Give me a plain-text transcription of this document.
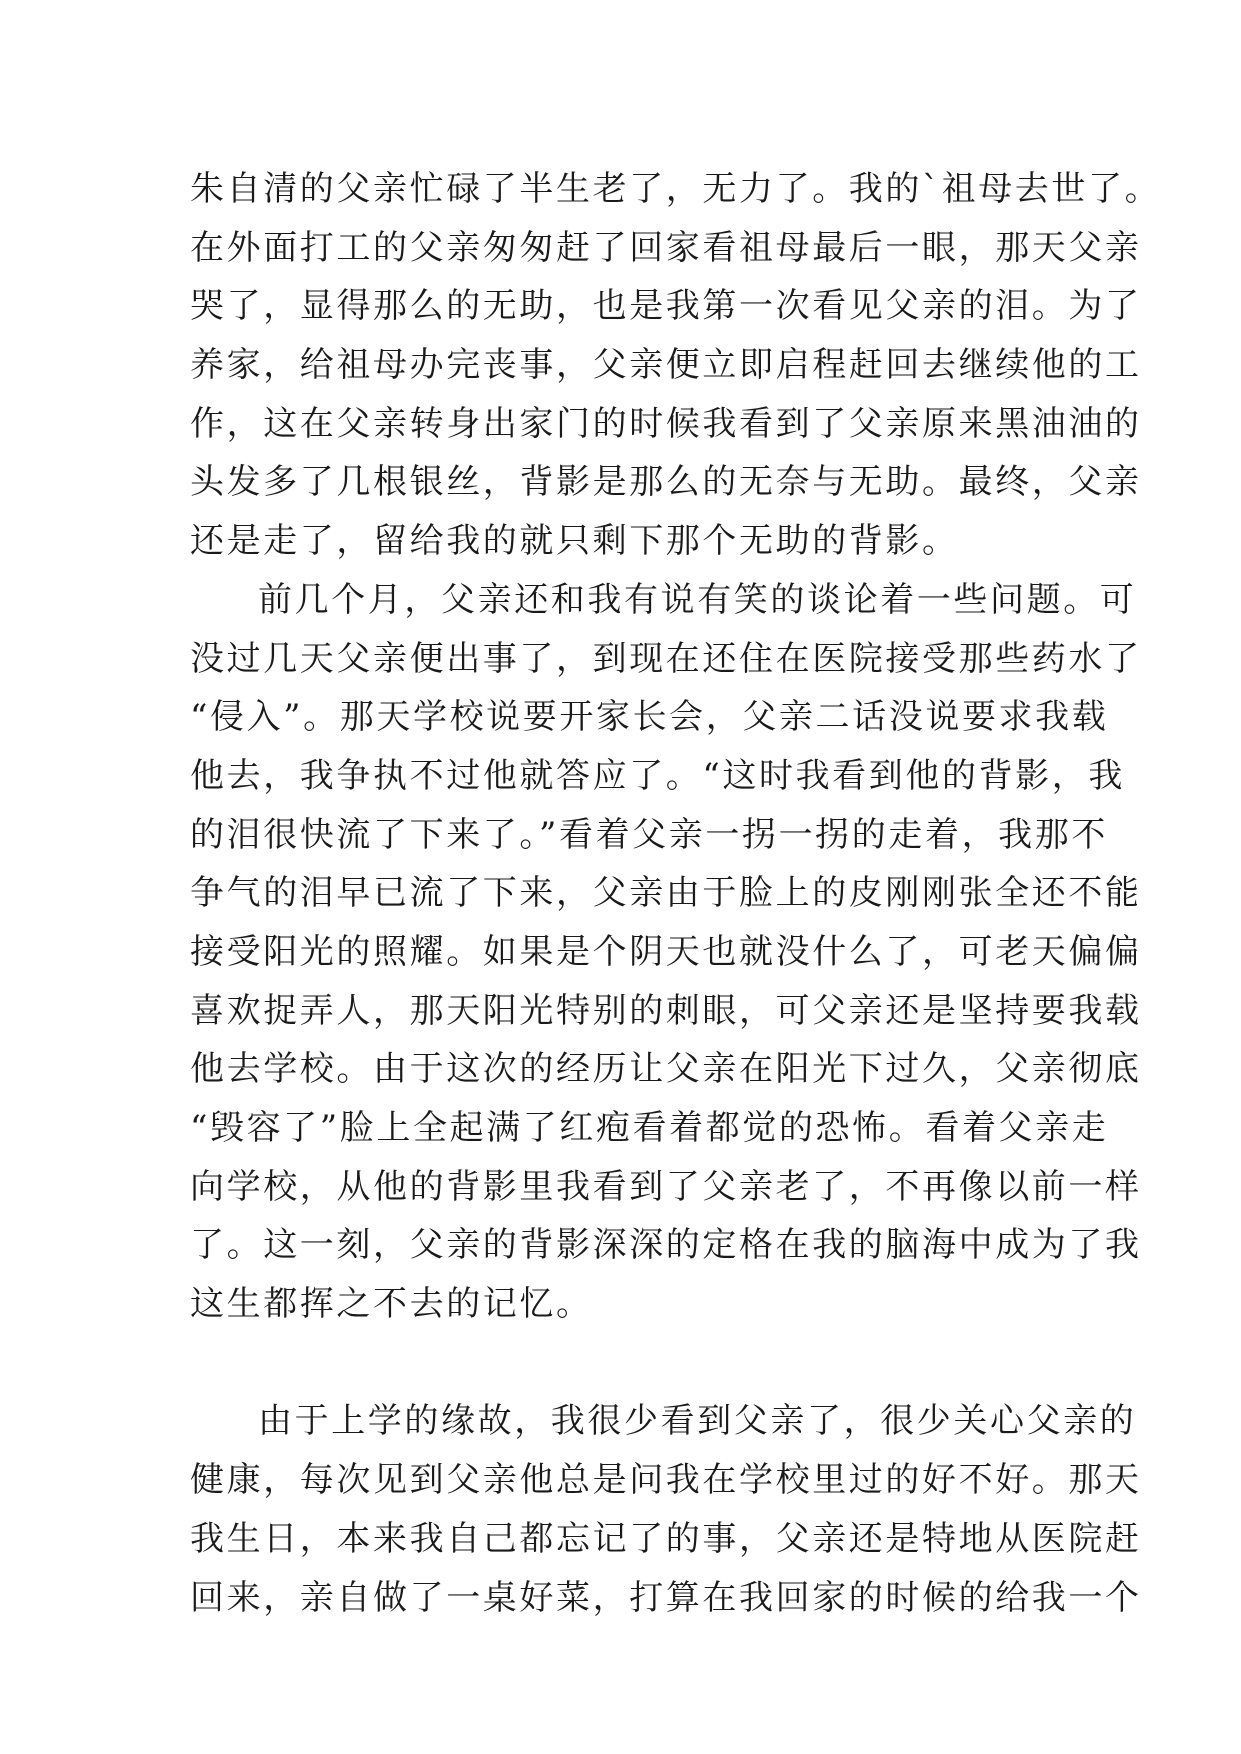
朱自清的父亲忙碌了半生老了，无力了。我的`祖母去世了。
在外面打工的父亲匆匆赶了回家看祖母最后一眼，那天父亲
哭了，显得那么的无助，也是我第一次看见父亲的泪。为了
养家，给祖母办完丧事，父亲便立即启程赶回去继续他的工
作，这在父亲转身出家门的时候我看到了父亲原来黑油油的
头发多了几根银丝，背影是那么的无奈与无助。最终，父亲
还是走了，留给我的就只剩下那个无助的背影。
前几个月，父亲还和我有说有笑的谈论着一些问题。可
没过几天父亲便出事了，到现在还住在医院接受那些药水了
“侵入”。那天学校说要开家长会，父亲二话没说要求我载
他去，我争执不过他就答应了。“这时我看到他的背影，我
的泪很快流了下来了。”看着父亲一拐一拐的走着，我那不
争气的泪早已流了下来，父亲由于脸上的皮刚刚张全还不能
接受阳光的照耀。如果是个阴天也就没什么了，可老天偏偏
喜欢捉弄人，那天阳光特别的刺眼，可父亲还是坚持要我载
他去学校。由于这次的经历让父亲在阳光下过久，父亲彻底
“毁容了”脸上全起满了红疱看着都觉的恐怖。看着父亲走
向学校，从他的背影里我看到了父亲老了，不再像以前一样
了。这一刻，父亲的背影深深的定格在我的脑海中成为了我
这生都挥之不去的记忆。
由于上学的缘故，我很少看到父亲了，很少关心父亲的
健康，每次见到父亲他总是问我在学校里过的好不好。那天
我生日，本来我自己都忘记了的事，父亲还是特地从医院赶
回来，亲自做了一桌好菜，打算在我回家的时候的给我一个
